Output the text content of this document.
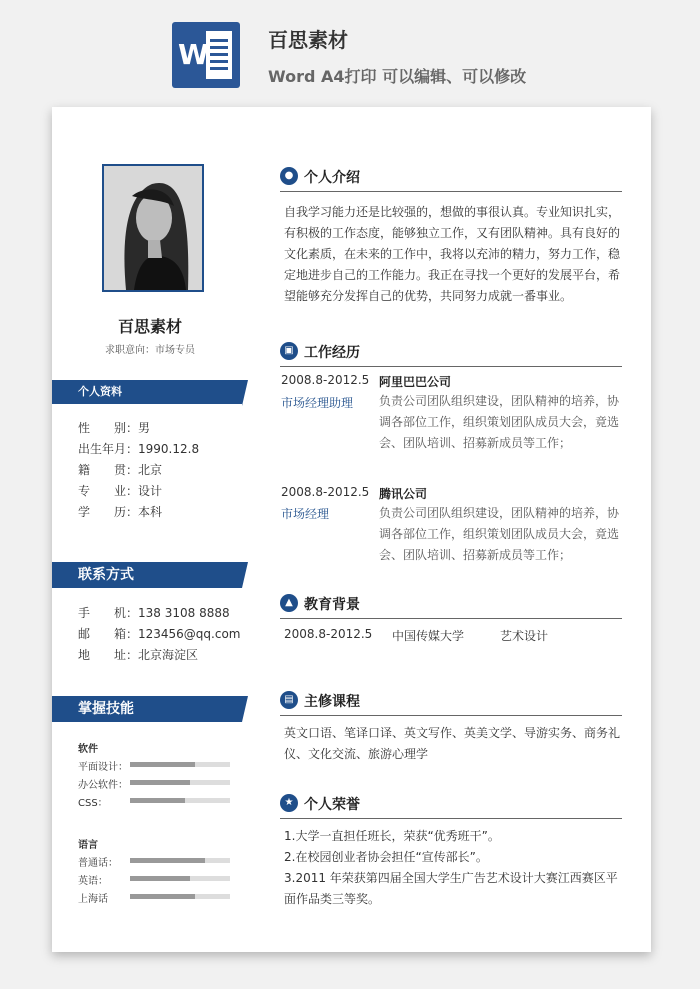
W	百思素材
Word A4打印 可以编辑、可以修改
百思素材
求职意向：市场专员
个人资料
性　　别：男
出生年月：1990.12.8
籍　　贯：北京
专　　业：设计
学　　历：本科
联系方式
手　　机：138 3108 8888
邮　　箱：123456@qq.com
地　　址：北京海淀区
掌握技能
软件
平面设计：
办公软件：
CSS：
语言
普通话：
英语：
上海话
● 个人介绍
自我学习能力还是比较强的，想做的事很认真。专业知识扎实，有积极的工作态度，能够独立工作，又有团队精神。具有良好的文化素质，在未来的工作中，我将以充沛的精力，努力工作，稳定地进步自己的工作能力。我正在寻找一个更好的发展平台，希望能够充分发挥自己的优势，共同努力成就一番事业。
▣ 工作经历
2008.8-2012.5
市场经理助理
阿里巴巴公司
负责公司团队组织建设，团队精神的培养，协调各部位工作，组织策划团队成员大会，竟选会、团队培训、招募新成员等工作；
2008.8-2012.5
市场经理
腾讯公司
负责公司团队组织建设，团队精神的培养，协调各部位工作，组织策划团队成员大会，竟选会、团队培训、招募新成员等工作；
▲ 教育背景
2008.8-2012.5 中国传媒大学	艺术设计
▤ 主修课程
英文口语、笔译口译、英文写作、英美文学、导游实务、商务礼仪、文化交流、旅游心理学
★ 个人荣誉
1.大学一直担任班长，荣获“优秀班干”。
2.在校园创业者协会担任“宣传部长”。
3.2011 年荣获第四届全国大学生广告艺术设计大赛江西赛区平面作品类三等奖。
